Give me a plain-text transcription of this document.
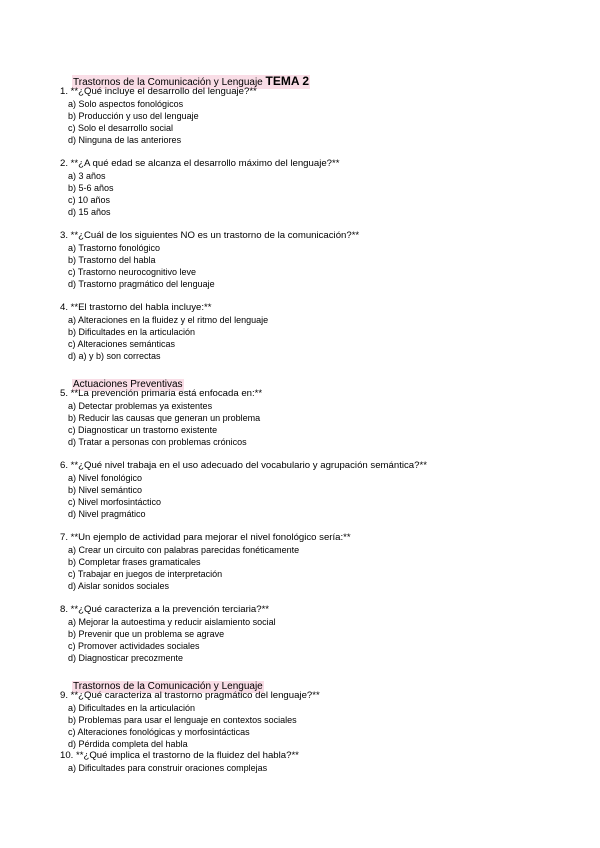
Trastornos de la Comunicación y Lenguaje TEMA 2
1. **¿Qué incluye el desarrollo del lenguaje?**
a) Solo aspectos fonológicos
b) Producción y uso del lenguaje
c) Solo el desarrollo social
d) Ninguna de las anteriores
2. **¿A qué edad se alcanza el desarrollo máximo del lenguaje?**
a) 3 años
b) 5-6 años
c) 10 años
d) 15 años
3. **¿Cuál de los siguientes NO es un trastorno de la comunicación?**
a) Trastorno fonológico
b) Trastorno del habla
c) Trastorno neurocognitivo leve
d) Trastorno pragmático del lenguaje
4. **El trastorno del habla incluye:**
a) Alteraciones en la fluidez y el ritmo del lenguaje
b) Dificultades en la articulación
c) Alteraciones semánticas
d) a) y b) son correctas
Actuaciones Preventivas
5. **La prevención primaria está enfocada en:**
a) Detectar problemas ya existentes
b) Reducir las causas que generan un problema
c) Diagnosticar un trastorno existente
d) Tratar a personas con problemas crónicos
6. **¿Qué nivel trabaja en el uso adecuado del vocabulario y agrupación semántica?**
a) Nivel fonológico
b) Nivel semántico
c) Nivel morfosintáctico
d) Nivel pragmático
7. **Un ejemplo de actividad para mejorar el nivel fonológico sería:**
a) Crear un circuito con palabras parecidas fonéticamente
b) Completar frases gramaticales
c) Trabajar en juegos de interpretación
d) Aislar sonidos sociales
8. **¿Qué caracteriza a la prevención terciaria?**
a) Mejorar la autoestima y reducir aislamiento social
b) Prevenir que un problema se agrave
c) Promover actividades sociales
d) Diagnosticar precozmente
Trastornos de la Comunicación y Lenguaje
9. **¿Qué caracteriza al trastorno pragmático del lenguaje?**
a) Dificultades en la articulación
b) Problemas para usar el lenguaje en contextos sociales
c) Alteraciones fonológicas y morfosintácticas
d) Pérdida completa del habla
10. **¿Qué implica el trastorno de la fluidez del habla?**
a) Dificultades para construir oraciones complejas
